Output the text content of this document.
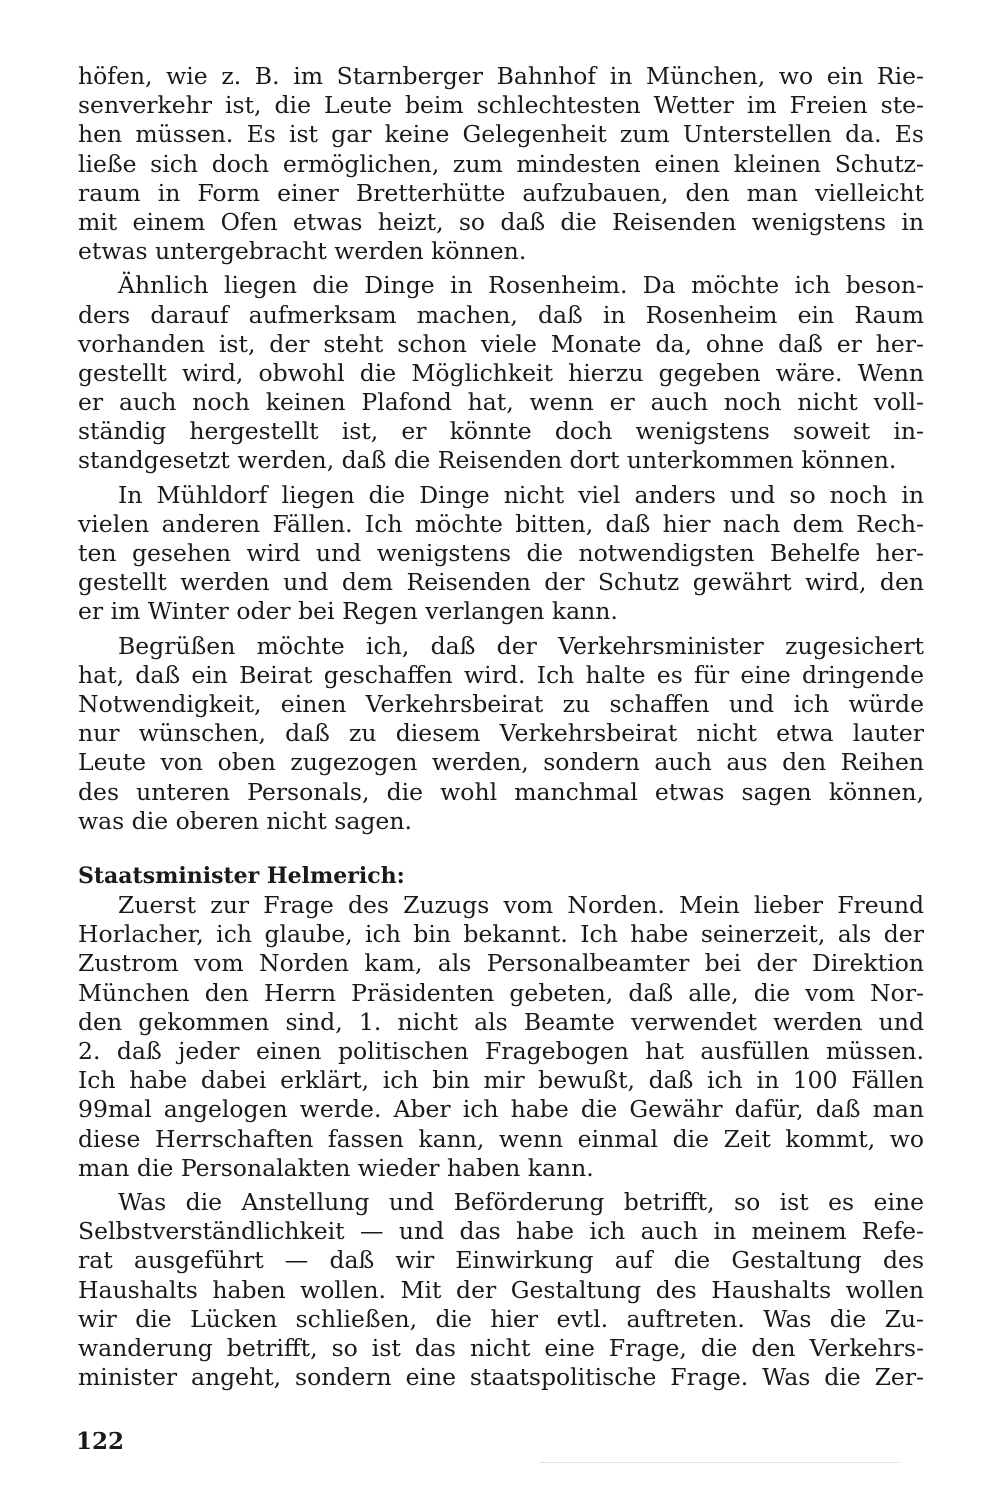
höfen, wie z. B. im Starnberger Bahnhof in München, wo ein Rie-
senverkehr ist, die Leute beim schlechtesten Wetter im Freien ste-
hen müssen. Es ist gar keine Gelegenheit zum Unterstellen da. Es
ließe sich doch ermöglichen, zum mindesten einen kleinen Schutz-
raum in Form einer Bretterhütte aufzubauen, den man vielleicht
mit einem Ofen etwas heizt, so daß die Reisenden wenigstens in
etwas untergebracht werden können.
Ähnlich liegen die Dinge in Rosenheim. Da möchte ich beson-
ders darauf aufmerksam machen, daß in Rosenheim ein Raum
vorhanden ist, der steht schon viele Monate da, ohne daß er her-
gestellt wird, obwohl die Möglichkeit hierzu gegeben wäre. Wenn
er auch noch keinen Plafond hat, wenn er auch noch nicht voll-
ständig hergestellt ist, er könnte doch wenigstens soweit in-
standgesetzt werden, daß die Reisenden dort unterkommen können.
In Mühldorf liegen die Dinge nicht viel anders und so noch in
vielen anderen Fällen. Ich möchte bitten, daß hier nach dem Rech-
ten gesehen wird und wenigstens die notwendigsten Behelfe her-
gestellt werden und dem Reisenden der Schutz gewährt wird, den
er im Winter oder bei Regen verlangen kann.
Begrüßen möchte ich, daß der Verkehrsminister zugesichert
hat, daß ein Beirat geschaffen wird. Ich halte es für eine dringende
Notwendigkeit, einen Verkehrsbeirat zu schaffen und ich würde
nur wünschen, daß zu diesem Verkehrsbeirat nicht etwa lauter
Leute von oben zugezogen werden, sondern auch aus den Reihen
des unteren Personals, die wohl manchmal etwas sagen können,
was die oberen nicht sagen.
Staatsminister Helmerich:
Zuerst zur Frage des Zuzugs vom Norden. Mein lieber Freund
Horlacher, ich glaube, ich bin bekannt. Ich habe seinerzeit, als der
Zustrom vom Norden kam, als Personalbeamter bei der Direktion
München den Herrn Präsidenten gebeten, daß alle, die vom Nor-
den gekommen sind, 1. nicht als Beamte verwendet werden und
2. daß jeder einen politischen Fragebogen hat ausfüllen müssen.
Ich habe dabei erklärt, ich bin mir bewußt, daß ich in 100 Fällen
99mal angelogen werde. Aber ich habe die Gewähr dafür, daß man
diese Herrschaften fassen kann, wenn einmal die Zeit kommt, wo
man die Personalakten wieder haben kann.
Was die Anstellung und Beförderung betrifft, so ist es eine
Selbstverständlichkeit — und das habe ich auch in meinem Refe-
rat ausgeführt — daß wir Einwirkung auf die Gestaltung des
Haushalts haben wollen. Mit der Gestaltung des Haushalts wollen
wir die Lücken schließen, die hier evtl. auftreten. Was die Zu-
wanderung betrifft, so ist das nicht eine Frage, die den Verkehrs-
minister angeht, sondern eine staatspolitische Frage. Was die Zer-
122
